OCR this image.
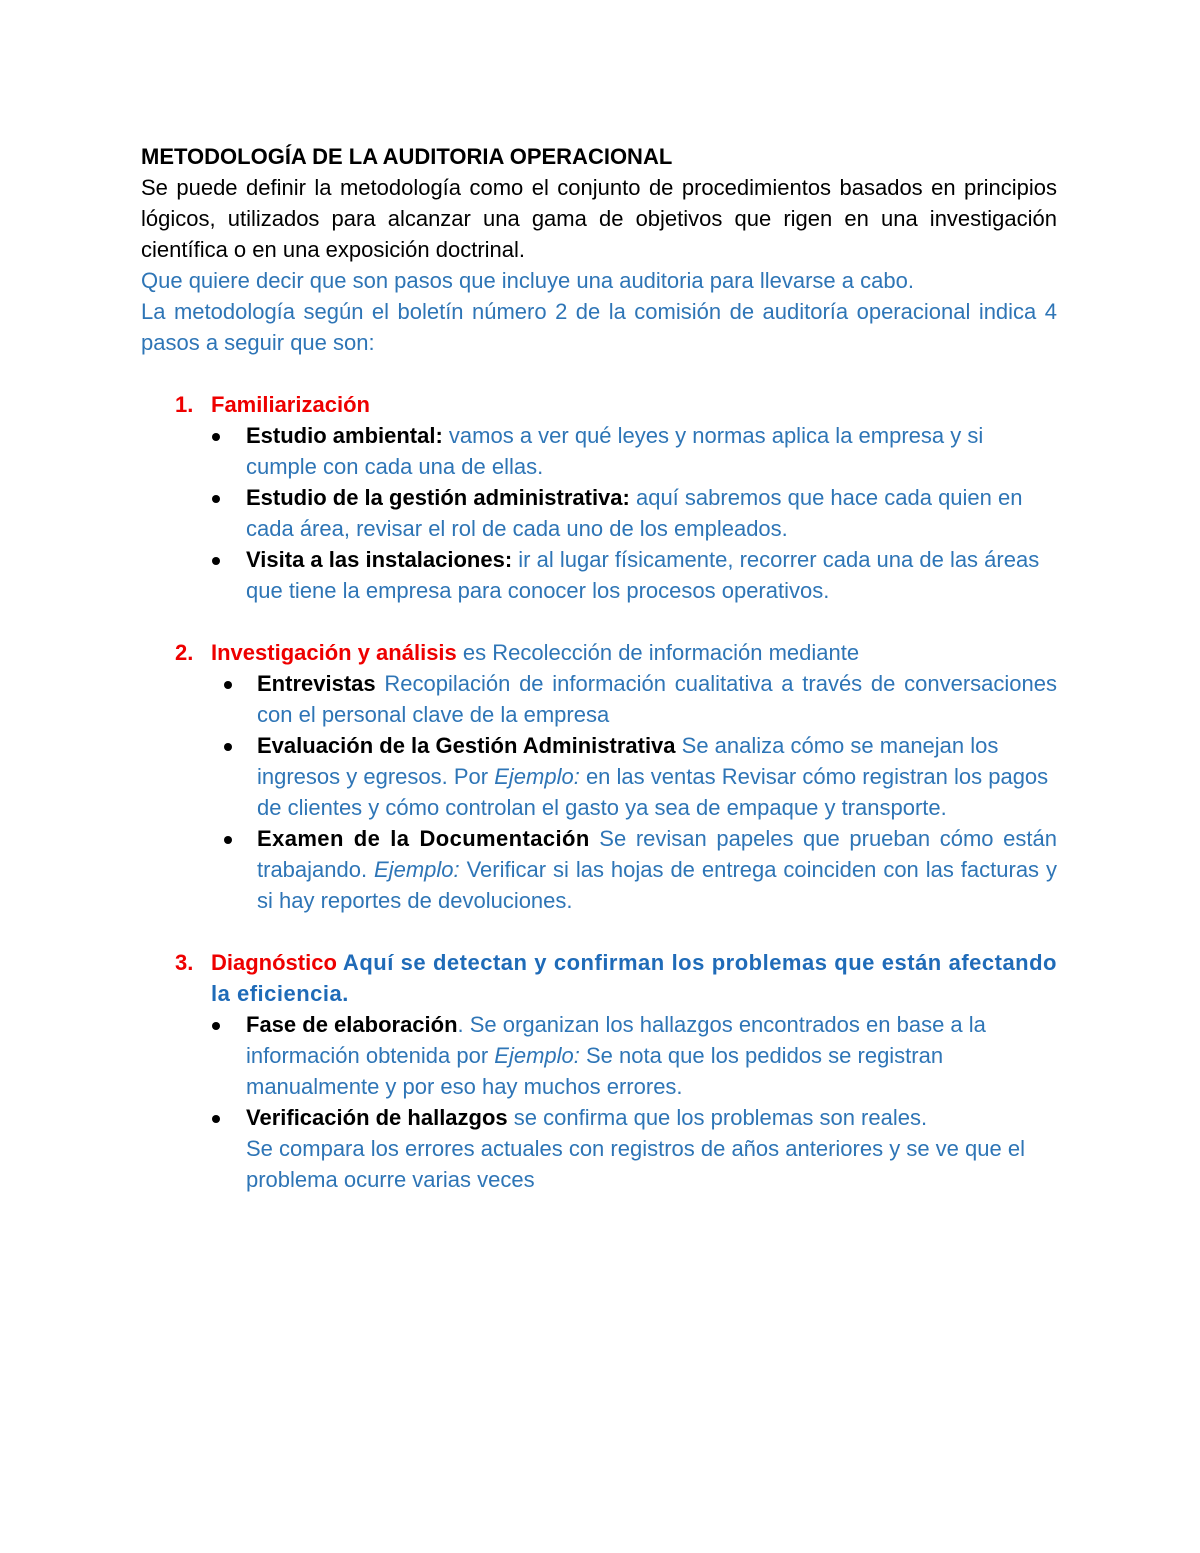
METODOLOGÍA DE LA AUDITORIA OPERACIONAL

Se puede definir la metodología como el conjunto de procedimientos basados en principios lógicos, utilizados para alcanzar una gama de objetivos que rigen en una investigación científica o en una exposición doctrinal.

Que quiere decir que son pasos que incluye una auditoria para llevarse a cabo.

La metodología según el boletín número 2 de la comisión de auditoría operacional indica 4 pasos a seguir que son:

1. Familiarización

Estudio ambiental: vamos a ver qué leyes y normas aplica la empresa y si cumple con cada una de ellas.
Estudio de la gestión administrativa: aquí sabremos que hace cada quien en cada área, revisar el rol de cada uno de los empleados.
Visita a las instalaciones: ir al lugar físicamente, recorrer cada una de las áreas que tiene la empresa para conocer los procesos operativos.

2. Investigación y análisis es Recolección de información mediante

Entrevistas Recopilación de información cualitativa a través de conversaciones con el personal clave de la empresa
Evaluación de la Gestión Administrativa Se analiza cómo se manejan los ingresos y egresos. Por Ejemplo: en las ventas Revisar cómo registran los pagos de clientes y cómo controlan el gasto ya sea de empaque y transporte.
Examen de la Documentación Se revisan papeles que prueban cómo están trabajando. Ejemplo: Verificar si las hojas de entrega coinciden con las facturas y si hay reportes de devoluciones.

3. Diagnóstico Aquí se detectan y confirman los problemas que están afectando la eficiencia.

Fase de elaboración. Se organizan los hallazgos encontrados en base a la información obtenida por Ejemplo: Se nota que los pedidos se registran manualmente y por eso hay muchos errores.
Verificación de hallazgos se confirma que los problemas son reales.
Se compara los errores actuales con registros de años anteriores y se ve que el problema ocurre varias veces
